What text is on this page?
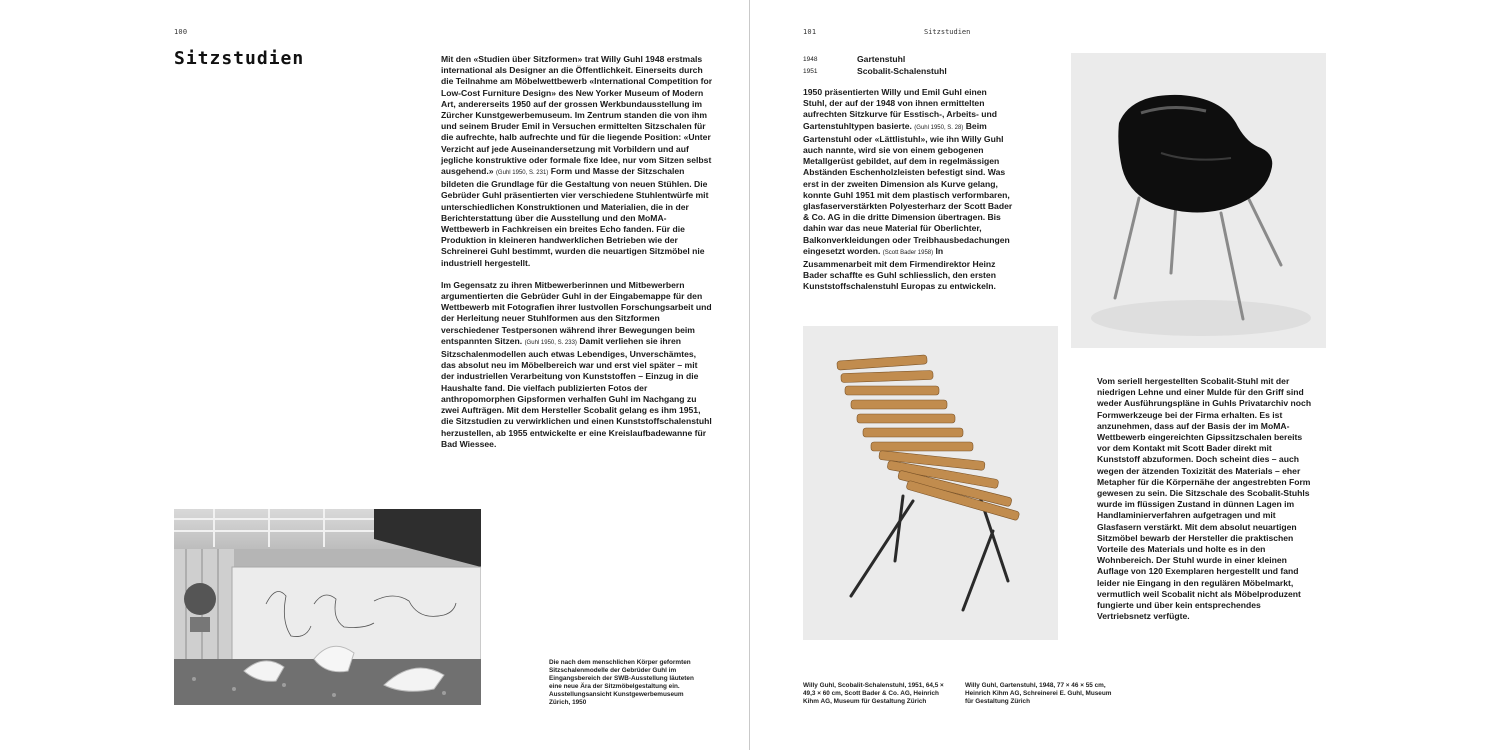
100
Sitzstudien	Mit den «Studien über Sitzformen» trat Willy Guhl 1948 erstmals international als Designer an die Öffentlichkeit. Einerseits durch die Teilnahme am Möbelwettbewerb «International Competition for Low-Cost Furniture Design» des New Yorker Museum of Modern Art, andererseits 1950 auf der grossen Werkbundausstellung im Zürcher Kunstgewerbemuseum. Im Zentrum standen die von ihm und seinem Bruder Emil in Versuchen ermittelten Sitzschalen für die aufrechte, halb aufrechte und für die liegende Position: «Unter Verzicht auf jede Auseinandersetzung mit Vorbildern und auf jegliche konstruktive oder formale fixe Idee, nur vom Sitzen selbst ausgehend.» (Guhl 1950, S. 231) Form und Masse der Sitzschalen bildeten die Grundlage für die Gestaltung von neuen Stühlen. Die Gebrüder Guhl präsentierten vier verschiedene Stuhlentwürfe mit unterschiedlichen Konstruktionen und Materialien, die in der Berichterstattung über die Ausstellung und den MoMA-Wettbewerb in Fachkreisen ein breites Echo fanden. Für die Produktion in kleineren handwerklichen Betrieben wie der Schreinerei Guhl bestimmt, wurden die neuartigen Sitzmöbel nie industriell hergestellt.

Im Gegensatz zu ihren Mitbewerberinnen und Mitbewerbern argumentierten die Gebrüder Guhl in der Eingabemappe für den Wettbewerb mit Fotografien ihrer lustvollen Forschungsarbeit und der Herleitung neuer Stuhlformen aus den Sitzformen verschiedener Testpersonen während ihrer Bewegungen beim entspannten Sitzen. (Guhl 1950, S. 233) Damit verliehen sie ihren Sitzschalenmodellen auch etwas Lebendiges, Unverschämtes, das absolut neu im Möbelbereich war und erst viel später – mit der industriellen Verarbeitung von Kunststoffen – Einzug in die Haushalte fand. Die vielfach publizierten Fotos der anthropomorphen Gipsformen verhalfen Guhl im Nachgang zu zwei Aufträgen. Mit dem Hersteller Scobalit gelang es ihm 1951, die Sitzstudien zu verwirklichen und einen Kunststoffschalenstuhl herzustellen, ab 1955 entwickelte er eine Kreislaufbadewanne für Bad Wiessee.

Die nach dem menschlichen Körper geformten Sitzschalenmodelle der Gebrüder Guhl im Eingangsbereich der SWB-Ausstellung läuteten eine neue Ära der Sitzmöbelgestaltung ein. Ausstellungsansicht Kunstgewerbemuseum Zürich, 1950
101	Sitzstudien
1948	Gartenstuhl
1951	Scobalit-Schalenstuhl

1950 präsentierten Willy und Emil Guhl einen Stuhl, der auf der 1948 von ihnen ermittelten aufrechten Sitzkurve für Esstisch-, Arbeits- und Gartenstuhltypen basierte. (Guhl 1950, S. 28) Beim Gartenstuhl oder «Lättlistuhl», wie ihn Willy Guhl auch nannte, wird sie von einem gebogenen Metallgerüst gebildet, auf dem in regelmässigen Abständen Eschenholzleisten befestigt sind. Was erst in der zweiten Dimension als Kurve gelang, konnte Guhl 1951 mit dem plastisch verformbaren, glasfaserverstärkten Polyesterharz der Scott Bader & Co. AG in die dritte Dimension übertragen. Bis dahin war das neue Material für Oberlichter, Balkonverkleidungen oder Treibhausbedachungen eingesetzt worden. (Scott Bader 1958) In Zusammenarbeit mit dem Firmendirektor Heinz Bader schaffte es Guhl schliesslich, den ersten Kunststoffschalenstuhl Europas zu entwickeln.

Vom seriell hergestellten Scobalit-Stuhl mit der niedrigen Lehne und einer Mulde für den Griff sind weder Ausführungspläne in Guhls Privatarchiv noch Formwerkzeuge bei der Firma erhalten. Es ist anzunehmen, dass auf der Basis der im MoMA-Wettbewerb eingereichten Gipssitzschalen bereits vor dem Kontakt mit Scott Bader direkt mit Kunststoff abzuformen. Doch scheint dies – auch wegen der ätzenden Toxizität des Materials – eher Metapher für die Körpernähe der angestrebten Form gewesen zu sein. Die Sitzschale des Scobalit-Stuhls wurde im flüssigen Zustand in dünnen Lagen im Handlaminierverfahren aufgetragen und mit Glasfasern verstärkt. Mit dem absolut neuartigen Sitzmöbel bewarb der Hersteller die praktischen Vorteile des Materials und holte es in den Wohnbereich. Der Stuhl wurde in einer kleinen Auflage von 120 Exemplaren hergestellt und fand leider nie Eingang in den regulären Möbelmarkt, vermutlich weil Scobalit nicht als Möbelproduzent fungierte und über kein entsprechendes Vertriebsnetz verfügte.

Willy Guhl, Scobalit-Schalenstuhl, 1951, 64,5 × 49,3 × 60 cm, Scott Bader & Co. AG, Heinrich Kihm AG, Museum für Gestaltung Zürich
Willy Guhl, Gartenstuhl, 1948, 77 × 46 × 55 cm, Heinrich Kihm AG, Schreinerei E. Guhl, Museum für Gestaltung Zürich
